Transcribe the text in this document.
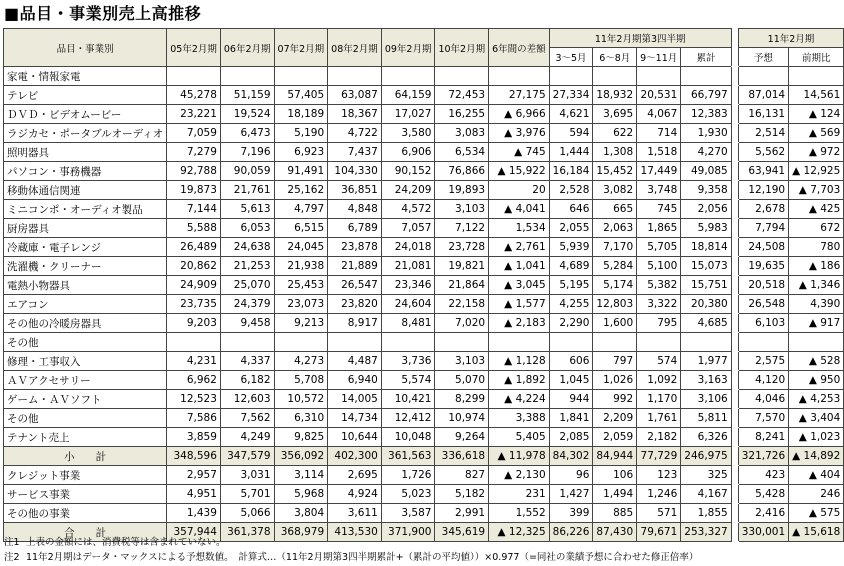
■品目・事業別売上高推移
品目・事業別	05年2月期	06年2月期	07年2月期	08年2月期	09年2月期	10年2月期	6年間の差額	11年2月期第3四半期					11年2月期	
								3～5月	6～8月	9～11月	累計		予想	前期比
家電・情報家電														
テレビ	45,278	51,159	57,405	63,087	64,159	72,453	27,175	27,334	18,932	20,531	66,797		87,014	14,561
ＤＶＤ・ビデオムービー	23,221	19,524	18,189	18,367	17,027	16,255	▲ 6,966	4,621	3,695	4,067	12,383		16,131	▲ 124
ラジカセ・ポータブルオーディオ	7,059	6,473	5,190	4,722	3,580	3,083	▲ 3,976	594	622	714	1,930		2,514	▲ 569
照明器具	7,279	7,196	6,923	7,437	6,906	6,534	▲ 745	1,444	1,308	1,518	4,270		5,562	▲ 972
パソコン・事務機器	92,788	90,059	91,491	104,330	90,152	76,866	▲ 15,922	16,184	15,452	17,449	49,085		63,941	▲ 12,925
移動体通信関連	19,873	21,761	25,162	36,851	24,209	19,893	20	2,528	3,082	3,748	9,358		12,190	▲ 7,703
ミニコンポ・オーディオ製品	7,144	5,613	4,797	4,848	4,572	3,103	▲ 4,041	646	665	745	2,056		2,678	▲ 425
厨房器具	5,588	6,053	6,515	6,789	7,057	7,122	1,534	2,055	2,063	1,865	5,983		7,794	672
冷蔵庫・電子レンジ	26,489	24,638	24,045	23,878	24,018	23,728	▲ 2,761	5,939	7,170	5,705	18,814		24,508	780
洗濯機・クリーナー	20,862	21,253	21,938	21,889	21,081	19,821	▲ 1,041	4,689	5,284	5,100	15,073		19,635	▲ 186
電熱小物器具	24,909	25,070	25,453	26,547	23,346	21,864	▲ 3,045	5,195	5,174	5,382	15,751		20,518	▲ 1,346
エアコン	23,735	24,379	23,073	23,820	24,604	22,158	▲ 1,577	4,255	12,803	3,322	20,380		26,548	4,390
その他の冷暖房器具	9,203	9,458	9,213	8,917	8,481	7,020	▲ 2,183	2,290	1,600	795	4,685		6,103	▲ 917
その他														
修理・工事収入	4,231	4,337	4,273	4,487	3,736	3,103	▲ 1,128	606	797	574	1,977		2,575	▲ 528
ＡＶアクセサリー	6,962	6,182	5,708	6,940	5,574	5,070	▲ 1,892	1,045	1,026	1,092	3,163		4,120	▲ 950
ゲーム・ＡＶソフト	12,523	12,603	10,572	14,005	10,421	8,299	▲ 4,224	944	992	1,170	3,106		4,046	▲ 4,253
その他	7,586	7,562	6,310	14,734	12,412	10,974	3,388	1,841	2,209	1,761	5,811		7,570	▲ 3,404
テナント売上	3,859	4,249	9,825	10,644	10,048	9,264	5,405	2,085	2,059	2,182	6,326		8,241	▲ 1,023
小　　計	348,596	347,579	356,092	402,300	361,563	336,618	▲ 11,978	84,302	84,944	77,729	246,975		321,726	▲ 14,892
クレジット事業	2,957	3,031	3,114	2,695	1,726	827	▲ 2,130	96	106	123	325		423	▲ 404
サービス事業	4,951	5,701	5,968	4,924	5,023	5,182	231	1,427	1,494	1,246	4,167		5,428	246
その他の事業	1,439	5,066	3,804	3,611	3,587	2,991	1,552	399	885	571	1,855		2,416	▲ 575
合　　計	357,944	361,378	368,979	413,530	371,900	345,619	▲ 12,325	86,226	87,430	79,671	253,327		330,001	▲ 15,618
注1 上表の金額には、消費税等は含まれていない。
注2 11年2月期はデータ・マックスによる予想数値。　計算式…（11年2月期第3四半期累計+（累計の平均値））×0.977（=同社の業績予想に合わせた修正倍率）
